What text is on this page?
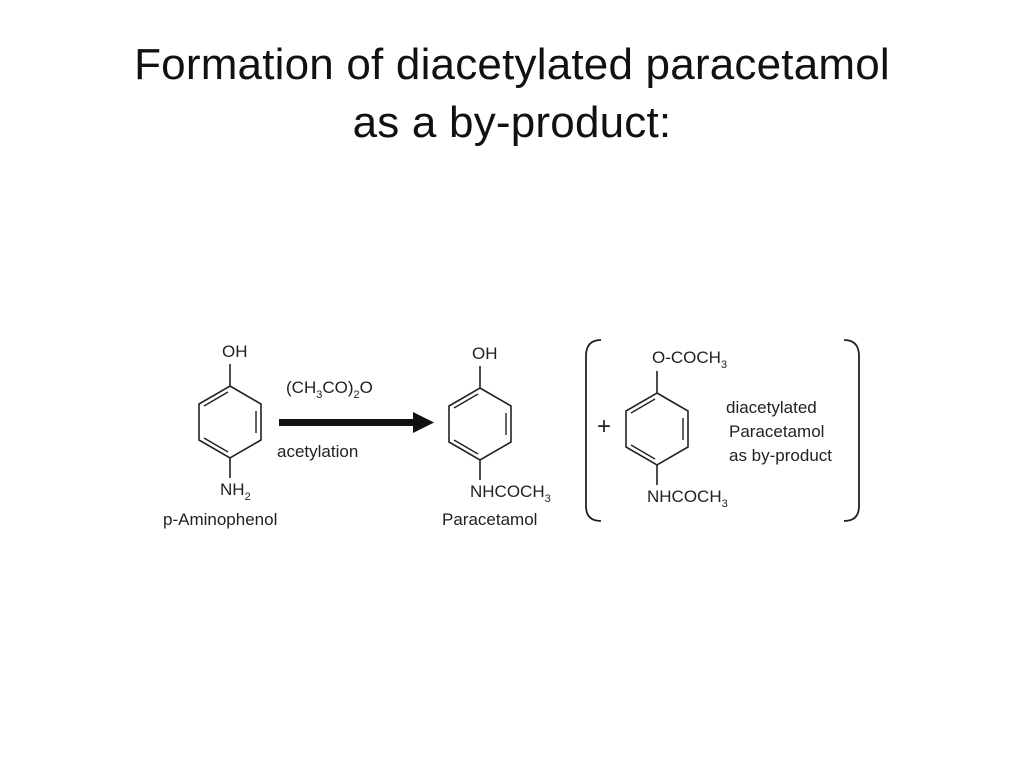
Formation of diacetylated paracetamol
as a by-product:
OH
$NH_2$
p-Aminophenol
$(CH_3CO)_2O$
acetylation
OH
$NHCOCH_3$
Paracetamol
+
$O-COCH_3$
$NHCOCH_3$
diacetylated
Paracetamol
as by-product
